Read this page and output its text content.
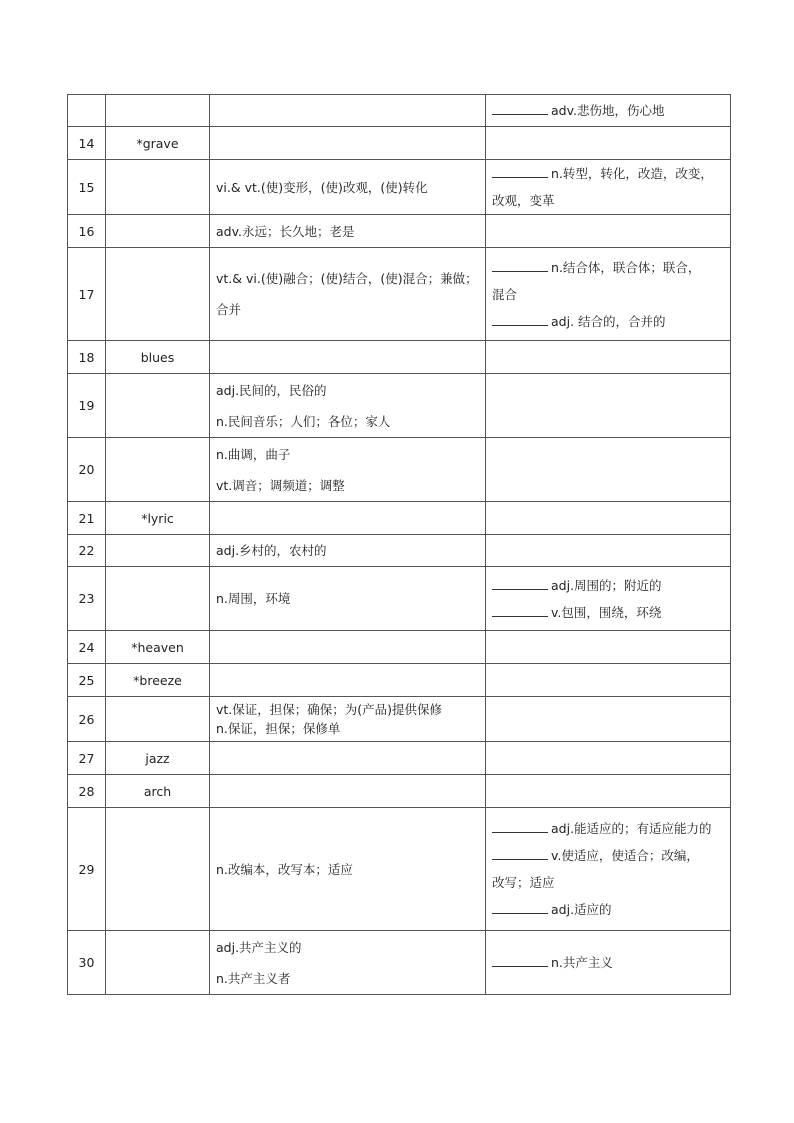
			adv.悲伤地，伤心地

14	*grave		
15		vi.& vt.(使)变形，(使)改观，(使)转化	n.转型，转化，改造，改变，
改观，变革

16		adv.永远；长久地；老是	

17		vt.& vi.(使)融合；(使)结合，(使)混合；兼做；
合并	n.结合体，联合体；联合，
混合
adj. 结合的，合并的

18	blues		
19		adj.民间的，民俗的
n.民间音乐；人们；各位；家人	

20		n.曲调，曲子
vt.调音；调频道；调整	

21	*lyric		
22		adj.乡村的，农村的	

23		n.周围，环境	adj.周围的；附近的
v.包围，围绕，环绕

24	*heaven		
25	*breeze		
26		vt.保证，担保；确保；为(产品)提供保修
n.保证，担保；保修单	

27	jazz		
28	arch		
29		n.改编本，改写本；适应	adj.能适应的；有适应能力的
v.使适应，使适合；改编，
改写；适应
adj.适应的

30		adj.共产主义的
n.共产主义者	n.共产主义
